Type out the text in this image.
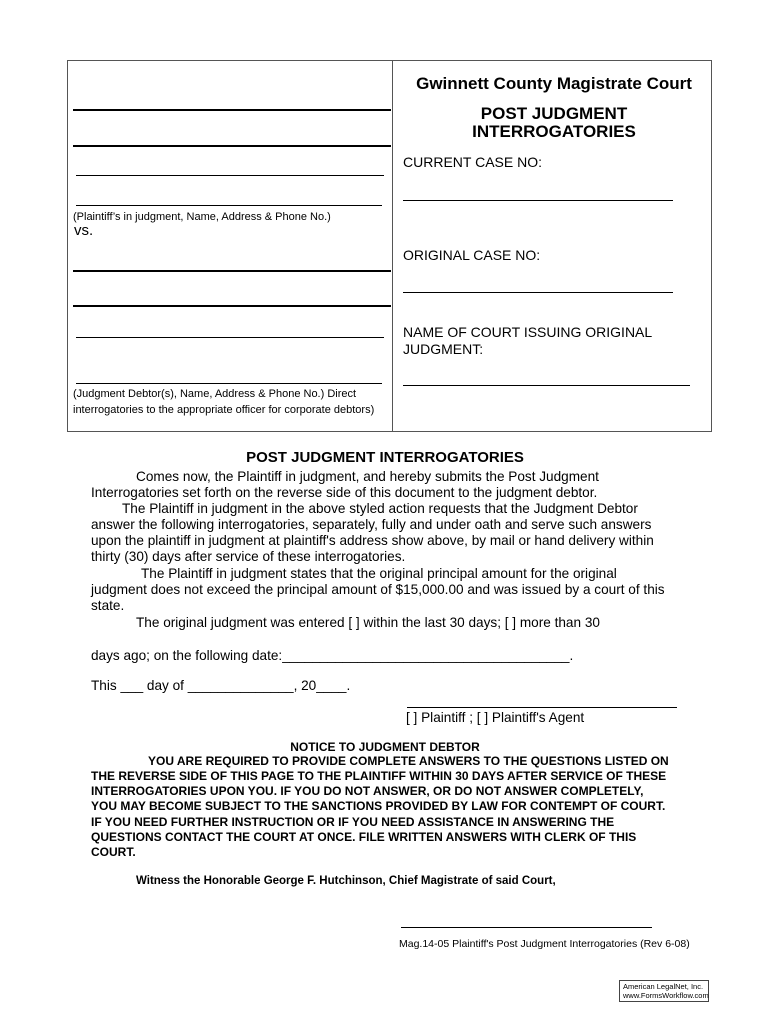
(Plaintiff’s in judgment, Name, Address & Phone No.)
vs.
(Judgment Debtor(s), Name, Address & Phone No.) Direct
interrogatories to the appropriate officer for corporate debtors)
Gwinnett County Magistrate Court
POST JUDGMENT
INTERROGATORIES
CURRENT CASE NO:
ORIGINAL CASE NO:
NAME OF COURT ISSUING ORIGINAL
JUDGMENT:
POST JUDGMENT INTERROGATORIES
Comes now, the Plaintiff in judgment, and hereby submits the Post Judgment
Interrogatories set forth on the reverse side of this document to the judgment debtor.
The Plaintiff in judgment in the above styled action requests that the Judgment Debtor
answer the following interrogatories, separately, fully and under oath and serve such answers
upon the plaintiff in judgment at plaintiff's address show above, by mail or hand delivery within
thirty (30) days after service of these interrogatories.
The Plaintiff in judgment states that the original principal amount for the original
judgment does not exceed the principal amount of $15,000.00 and was issued by a court of this
state.
The original judgment was entered [ ] within the last 30 days; [ ] more than 30
days ago; on the following date:______________________________________.
This ___ day of ______________, 20____.
[ ] Plaintiff ; [ ] Plaintiff's Agent
NOTICE TO JUDGMENT DEBTOR
YOU ARE REQUIRED TO PROVIDE COMPLETE ANSWERS TO THE QUESTIONS LISTED ON
THE REVERSE SIDE OF THIS PAGE TO THE PLAINTIFF WITHIN 30 DAYS AFTER SERVICE OF THESE
INTERROGATORIES UPON YOU. IF YOU DO NOT ANSWER, OR DO NOT ANSWER COMPLETELY,
YOU MAY BECOME SUBJECT TO THE SANCTIONS PROVIDED BY LAW FOR CONTEMPT OF COURT.
IF YOU NEED FURTHER INSTRUCTION OR IF YOU NEED ASSISTANCE IN ANSWERING THE
QUESTIONS CONTACT THE COURT AT ONCE. FILE WRITTEN ANSWERS WITH CLERK OF THIS
COURT.
Witness the Honorable George F. Hutchinson, Chief Magistrate of said Court,
Mag.14-05 Plaintiff's Post Judgment Interrogatories (Rev 6-08)
American LegalNet, Inc.
www.FormsWorkflow.com
